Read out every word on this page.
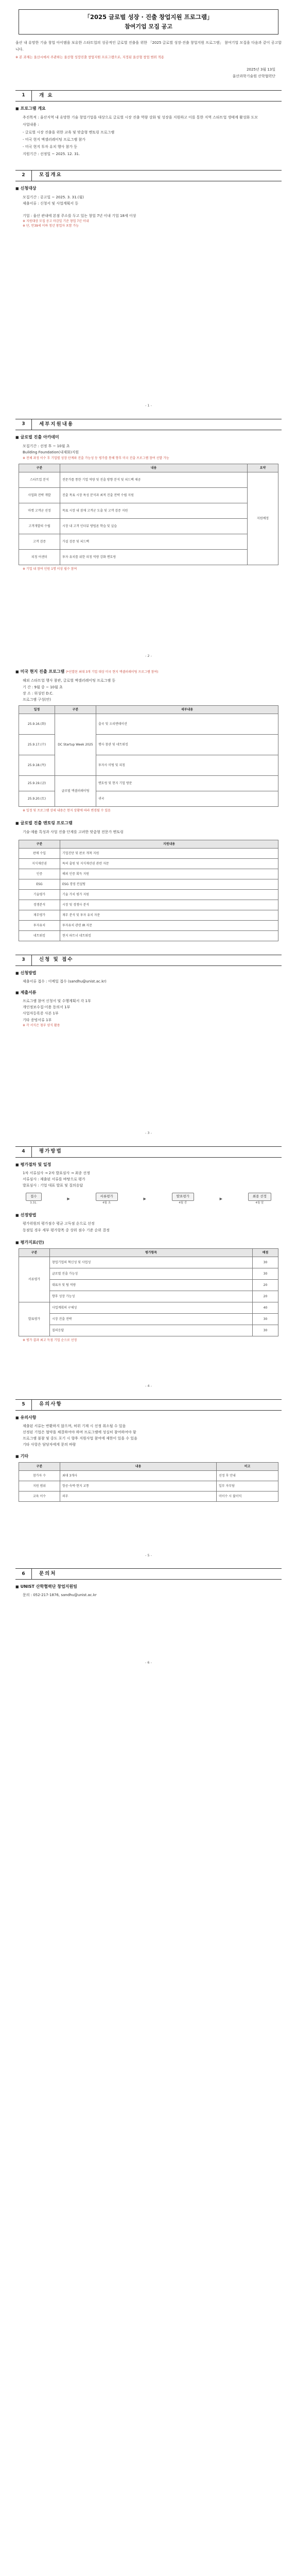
「2025 글로벌 성장 · 진출 창업지원 프로그램」
참여기업 모집 공고
울산 내 유망한 기술 창업 아이템을 보유한 스타트업의 성공적인 글로벌 진출을 위한 「2025 글로벌 성장·진출 창업지원 프로그램」 참여기업 모집을 다음과 같이 공고합니다.
※ 본 과제는 울산시에서 주관하는 울산형 성장진출 창업지원 프로그램으로, 지정된 울산형 창업 범위 적용
2025년 3월 13일
울산과학기술원 산학협력단
1	개 요
■ 프로그램 개요
추진목적 : 울산지역 내 유망한 기술 창업기업을 대상으로 글로벌 시장 진출 역량 강화 및 성장을 지원하고 이를 통한 지역 스타트업 생태계 활성화 도모
사업내용 :
- 글로벌 시장 진출을 위한 교육 및 맞춤형 멘토링 프로그램
- 미국 현지 액셀러레이팅 프로그램 참가
- 미국 현지 투자 유치 행사 참가 등
지원기간 : 선정일 ~ 2025. 12. 31.
2	모집개요
■ 신청대상
모집기간 : 공고일 ~ 2025. 3. 31.(월)
제출서류 : 신청서 및 사업계획서 등
기업 : 울산 관내에 본점 주소를 두고 있는 창업 7년 이내 기업 18세 이상
※ 지원대상 모집 공고 마감일 기준 창업 7년 이내
※ 단, 만39세 이하 청년 창업자 포함 가능
- 1 -
3	세부지원내용
■ 글로벌 진출 아카데미
모집기간 : 선정 후 ~ 10월 초
Building Foundation(내재화)지원
※ 전체 과정 이수 후 기업별 성장 단계와 진출 가능성 등 평가를 통해 향후 미국 진출 프로그램 참여 선발 가능
구분	내용	요약
스타트업 분석	전문가를 통한 기업 역량 및 진출 방향 분석 및 피드백 제공	지원예정
사업화 전략 개발	진출 목표 시장 특성 분석과 최적 진출 전략 수립 지원	
마켓 고객군 선정	목표 시장 내 잠재 고객군 도출 및 고객 검증 지원	
고객개발의 수립	시장 내 고객 인터뷰 방법론 학습 및 실습	
고객 검증	가설 검증 및 피드백	
피칭 어센더	투자 유치를 위한 피칭 역량 강화 멘토링	
※ 기업 내 참여 인원 1명 이상 필수 참여
- 2 -
■ 미국 현지 진출 프로그램 (*선발된 최대 3개 기업 대상 미국 현지 액셀러레이팅 프로그램 참여)
해외 스타트업 행사 참관, 글로벌 액셀러레이팅 프로그램 등
기 간 : 9월 중 ~ 10월 초
장 소 : 워싱턴 D.C.
프로그램 구성(안)
일정	구분	세부내용
25.9.16.(화)	DC Startup Week 2025	출국 및 오리엔테이션
25.9.17.(수)		행사 참관 및 네트워킹
25.9.18.(목)		투자사 미팅 및 피칭
25.9.19.(금)	글로벌 액셀러레이팅	멘토링 및 현지 기업 방문
25.9.20.(토)		귀국
※ 일정 및 프로그램 상세 내용은 현지 상황에 따라 변경될 수 있음
■ 글로벌 진출 멘토링 프로그램
기술·제품 특성과 사업 진출 단계를 고려한 맞춤형 전문가 멘토링
구분	지원내용
판매 수입	기업진단 및 판로 개척 지원
지식재산권	특허 출원 및 지식재산권 관련 자문
인증	해외 인증 획득 지원
ESG	ESG 경영 컨설팅
기술평가	기술 가치 평가 지원
경쟁분석	시장 및 경쟁사 분석
재무평가	재무 분석 및 투자 유치 자문
투자유치	투자유치 관련 IR 자문
네트워킹	현지 파트너 네트워킹
3	신청 및 접수
■ 신청방법
제출서류 접수 : 이메일 접수 (sandhu@unist.ac.kr)
■ 제출서류
프로그램 참여 신청서 및 수행계획서 각 1부
개인정보수집·이용 동의서 1부
사업자등록증 사본 1부
기타 증빙서류 1부
※ 각 서식은 첨부 양식 활용
- 3 -
4	평가방법
■ 평가절차 및 일정
1차 서류심사 → 2차 발표심사 → 최종 선정
서류심사 : 제출된 서류를 바탕으로 평가
발표심사 : 기업 대표 발표 및 질의응답
접수
3.31.
▶
서류평가
4월 초
▶
발표평가
4월 중
▶
최종 선정
4월 말
■ 선정방법
평가위원의 평가점수 평균 고득점 순으로 선정
동점일 경우 세부 평가항목 중 상위 점수 기준 순위 결정
■ 평가지표(안)
구분	평가항목	배점
서류평가	창업기업의 혁신성 및 사업성	30
	글로벌 진출 가능성	30
	대표자 및 팀 역량	20
	향후 성장 가능성	20
발표평가	사업계획의 구체성	40
	시장 진출 전략	30
	질의응답	30
※ 평가 결과 최고 득점 기업 순으로 선정
- 4 -
5	유의사항
■ 유의사항
제출된 서류는 반환하지 않으며, 허위 기재 시 선정 취소될 수 있음
선정된 기업은 협약을 체결하여야 하며 프로그램에 성실히 참여하여야 함
프로그램 불참 및 중도 포기 시 향후 지원사업 참여에 제한이 있을 수 있음
기타 사항은 담당자에게 문의 바람
■ 기타
구분	내용	비고
참가자 수	최대 3개사	선정 후 안내
지원 범위	항공·숙박·현지 교통	일부 자부담
교육 이수	의무	미이수 시 불이익
- 5 -
6	문의처
■ UNIST 산학협력단 창업지원팀
문의 : 052-217-1876, sandhu@unist.ac.kr
- 6 -
